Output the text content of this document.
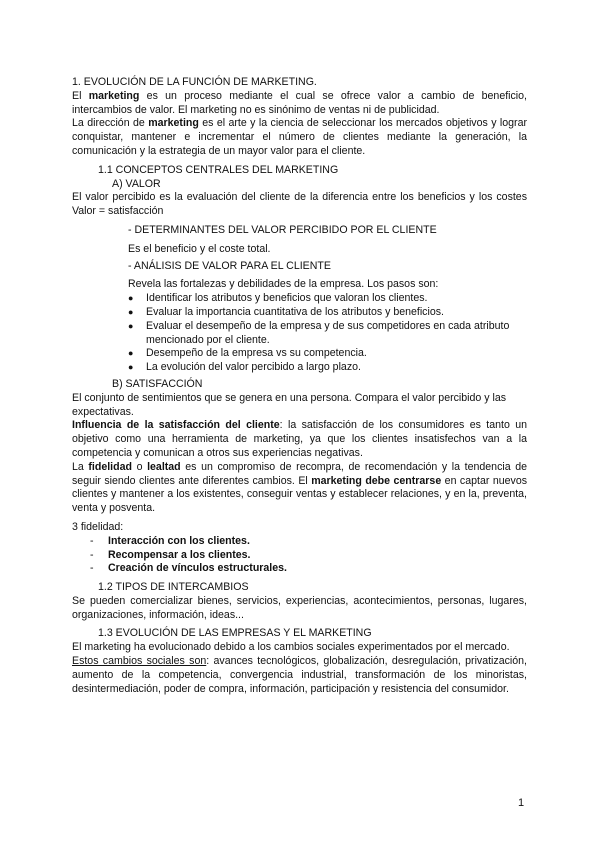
1. EVOLUCIÓN DE LA FUNCIÓN DE MARKETING.

El marketing es un proceso mediante el cual se ofrece valor a cambio de beneficio, intercambios de valor. El marketing no es sinónimo de ventas ni de publicidad.

La dirección de marketing es el arte y la ciencia de seleccionar los mercados objetivos y lograr conquistar, mantener e incrementar el número de clientes mediante la generación, la comunicación y la estrategia de un mayor valor para el cliente.

1.1 CONCEPTOS CENTRALES DEL MARKETING

A) VALOR

El valor percibido es la evaluación del cliente de la diferencia entre los beneficios y los costes Valor = satisfacción

- DETERMINANTES DEL VALOR PERCIBIDO POR EL CLIENTE

Es el beneficio y el coste total.

- ANÁLISIS DE VALOR PARA EL CLIENTE

Revela las fortalezas y debilidades de la empresa. Los pasos son:

● Identificar los atributos y beneficios que valoran los clientes.
● Evaluar la importancia cuantitativa de los atributos y beneficios.
● Evaluar el desempeño de la empresa y de sus competidores en cada atributo mencionado por el cliente.
● Desempeño de la empresa vs su competencia.
● La evolución del valor percibido a largo plazo.

B) SATISFACCIÓN

El conjunto de sentimientos que se genera en una persona. Compara el valor percibido y las expectativas.

Influencia de la satisfacción del cliente: la satisfacción de los consumidores es tanto un objetivo como una herramienta de marketing, ya que los clientes insatisfechos van a la competencia y comunican a otros sus experiencias negativas.

La fidelidad o lealtad es un compromiso de recompra, de recomendación y la tendencia de seguir siendo clientes ante diferentes cambios. El marketing debe centrarse en captar nuevos clientes y mantener a los existentes, conseguir ventas y establecer relaciones, y en la, preventa, venta y posventa.

3 fidelidad:

- Interacción con los clientes.
- Recompensar a los clientes.
- Creación de vínculos estructurales.

1.2 TIPOS DE INTERCAMBIOS

Se pueden comercializar bienes, servicios, experiencias, acontecimientos, personas, lugares, organizaciones, información, ideas...

1.3 EVOLUCIÓN DE LAS EMPRESAS Y EL MARKETING

El marketing ha evolucionado debido a los cambios sociales experimentados por el mercado.

Estos cambios sociales son: avances tecnológicos, globalización, desregulación, privatización, aumento de la competencia, convergencia industrial, transformación de los minoristas, desintermediación, poder de compra, información, participación y resistencia del consumidor.

1
